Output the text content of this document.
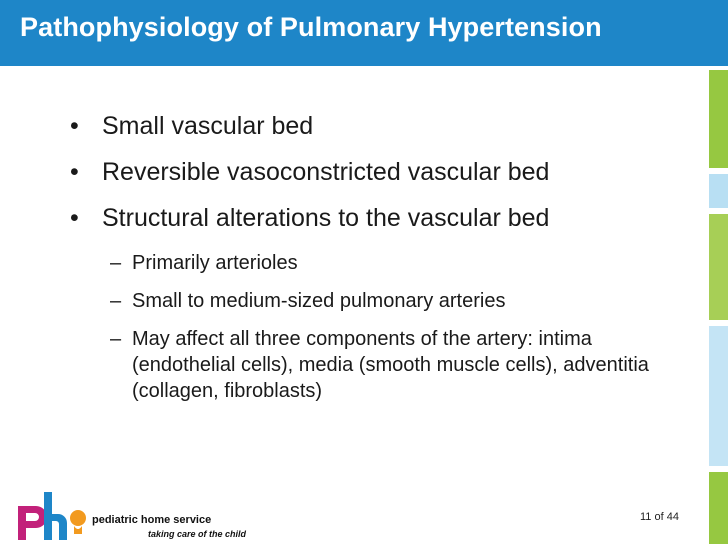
Pathophysiology of Pulmonary Hypertension
• Small vascular bed
• Reversible vasoconstricted vascular bed
• Structural alterations to the vascular bed
– Primarily arterioles
– Small to medium-sized pulmonary arteries
– May affect all three components of the artery: intima (endothelial cells), media (smooth muscle cells), adventitia (collagen, fibroblasts)
pediatric home service
taking care of the child
11 of 44
